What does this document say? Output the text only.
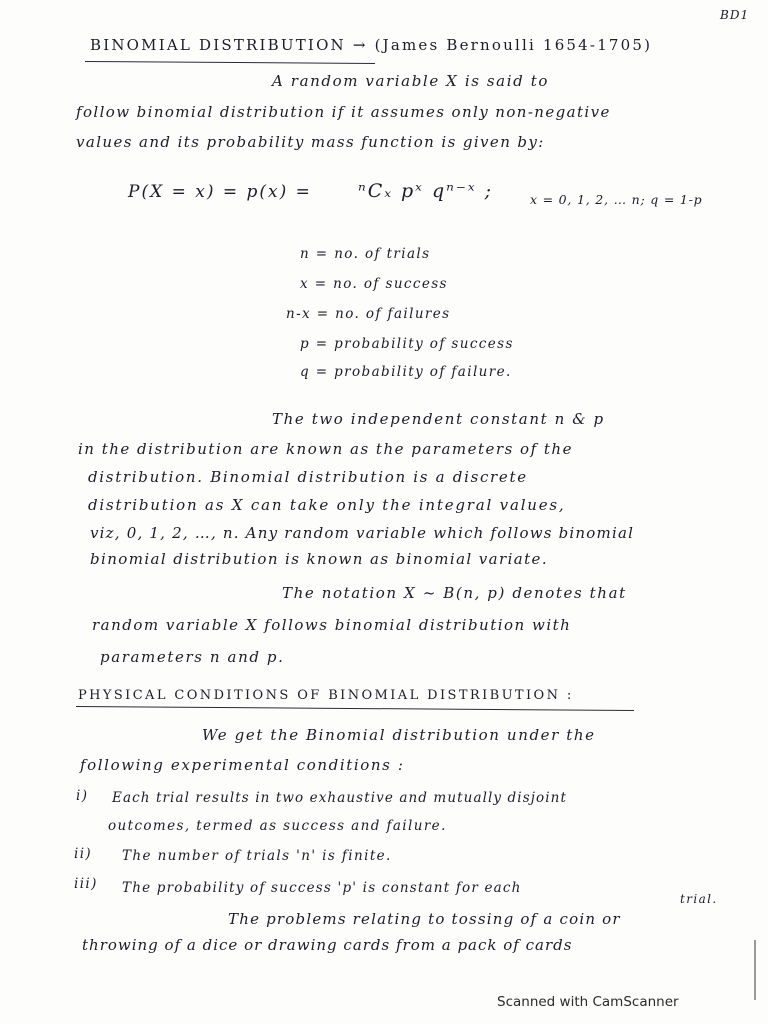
BD1
BINOMIAL DISTRIBUTION → (James Bernoulli 1654-1705)
A random variable X is said to
follow binomial distribution if it assumes only non-negative
values and its probability mass function is given by:
P(X = x) = p(x) = ⁿCₓ pˣ qⁿ⁻ˣ ;	x = 0, 1, 2, … n; q = 1-p
n = no. of trials
x = no. of success
n-x = no. of failures
p = probability of success
q = probability of failure.
The two independent constant n & p
in the distribution are known as the parameters of the
distribution. Binomial distribution is a discrete
distribution as X can take only the integral values,
viz, 0, 1, 2, …, n. Any random variable which follows binomial
binomial distribution is known as binomial variate.
The notation X ~ B(n, p) denotes that
random variable X follows binomial distribution with
parameters n and p.
PHYSICAL CONDITIONS OF BINOMIAL DISTRIBUTION :
We get the Binomial distribution under the
following experimental conditions :
i) Each trial results in two exhaustive and mutually disjoint
outcomes, termed as success and failure.
ii) The number of trials 'n' is finite.
iii) The probability of success 'p' is constant for each
trial.
The problems relating to tossing of a coin or
throwing of a dice or drawing cards from a pack of cards
Scanned with CamScanner
